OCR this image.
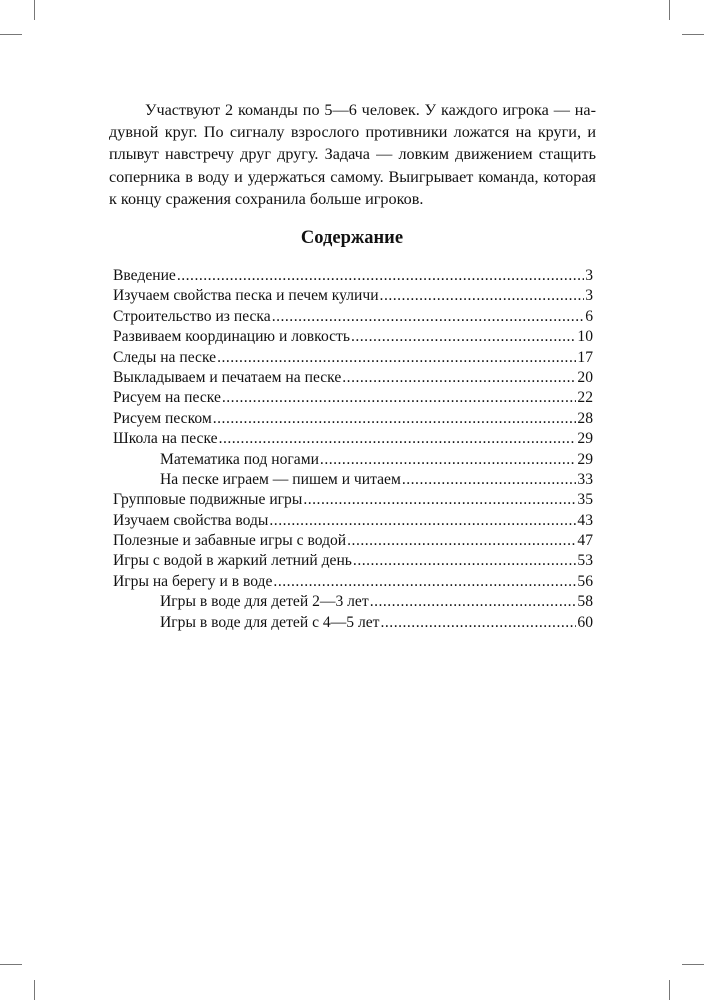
Участвуют 2 команды по 5—6 человек. У каждого игрока — надувной круг. По сигналу взрослого противники ложатся на круги, и плывут навстречу друг другу. Задача — ловким движением стащить соперника в воду и удержаться самому. Выигрывает команда, которая к концу сражения сохранила больше игроков.

Содержание
Введение .....	3
Изучаем свойства песка и печем куличи .....	3
Строительство из песка .....	6
Развиваем координацию и ловкость .....	10
Следы на песке .....	17
Выкладываем и печатаем на песке .....	20
Рисуем на песке .....	22
Рисуем песком .....	28
Школа на песке .....	29
Математика под ногами .....	29
На песке играем — пишем и читаем .....	33
Групповые подвижные игры .....	35
Изучаем свойства воды .....	43
Полезные и забавные игры с водой .....	47
Игры с водой в жаркий летний день .....	53
Игры на берегу и в воде .....	56
Игры в воде для детей 2—3 лет .....	58
Игры в воде для детей с 4—5 лет .....	60
